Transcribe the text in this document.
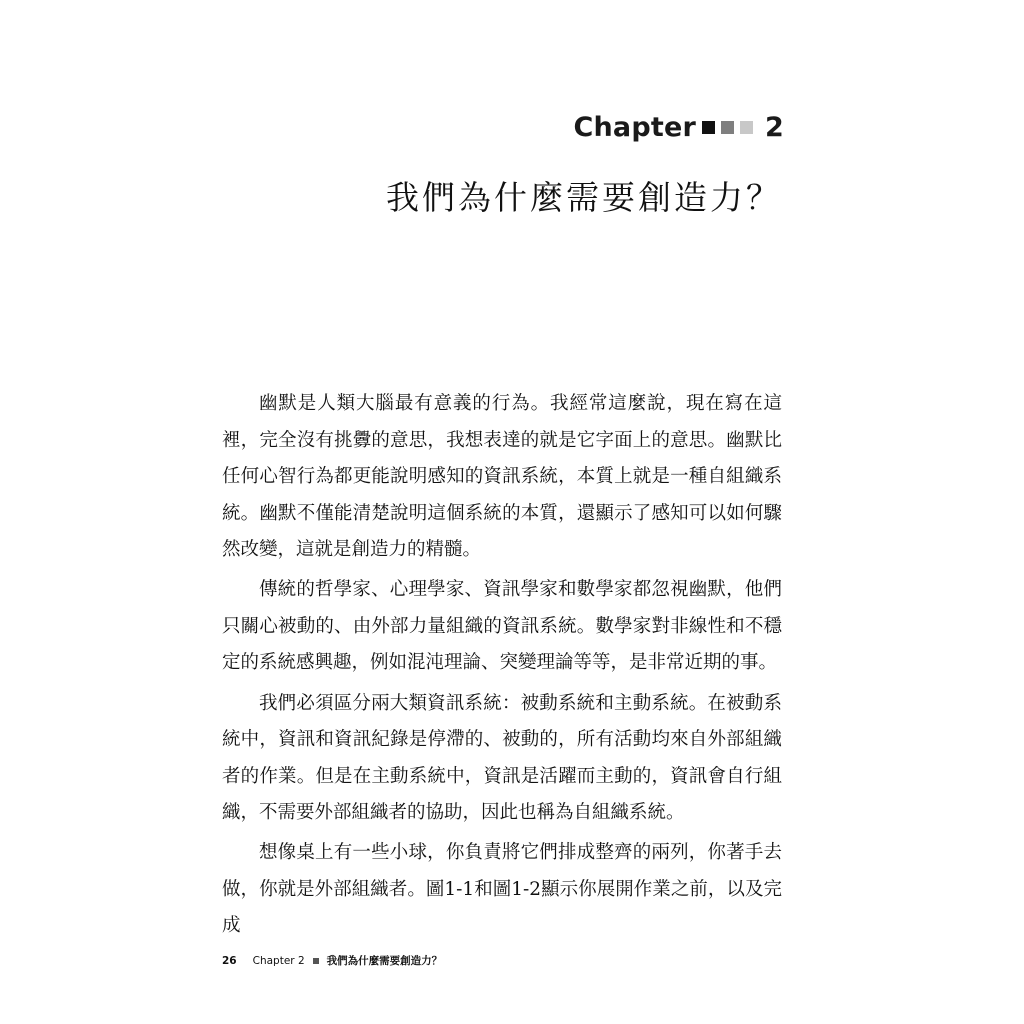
Chapter	2
我們為什麼需要創造力？

幽默是人類大腦最有意義的行為。我經常這麼說，現在寫在這裡，完全沒有挑釁的意思，我想表達的就是它字面上的意思。幽默比任何心智行為都更能說明感知的資訊系統，本質上就是一種自組織系統。幽默不僅能清楚說明這個系統的本質，還顯示了感知可以如何驟然改變，這就是創造力的精髓。

傳統的哲學家、心理學家、資訊學家和數學家都忽視幽默，他們只關心被動的、由外部力量組織的資訊系統。數學家對非線性和不穩定的系統感興趣，例如混沌理論、突變理論等等，是非常近期的事。

我們必須區分兩大類資訊系統：被動系統和主動系統。在被動系統中，資訊和資訊紀錄是停滯的、被動的，所有活動均來自外部組織者的作業。但是在主動系統中，資訊是活躍而主動的，資訊會自行組織，不需要外部組織者的協助，因此也稱為自組織系統。

想像桌上有一些小球，你負責將它們排成整齊的兩列，你著手去做，你就是外部組織者。圖1-1和圖1-2顯示你展開作業之前，以及完成

26 Chapter 2 我們為什麼需要創造力？
